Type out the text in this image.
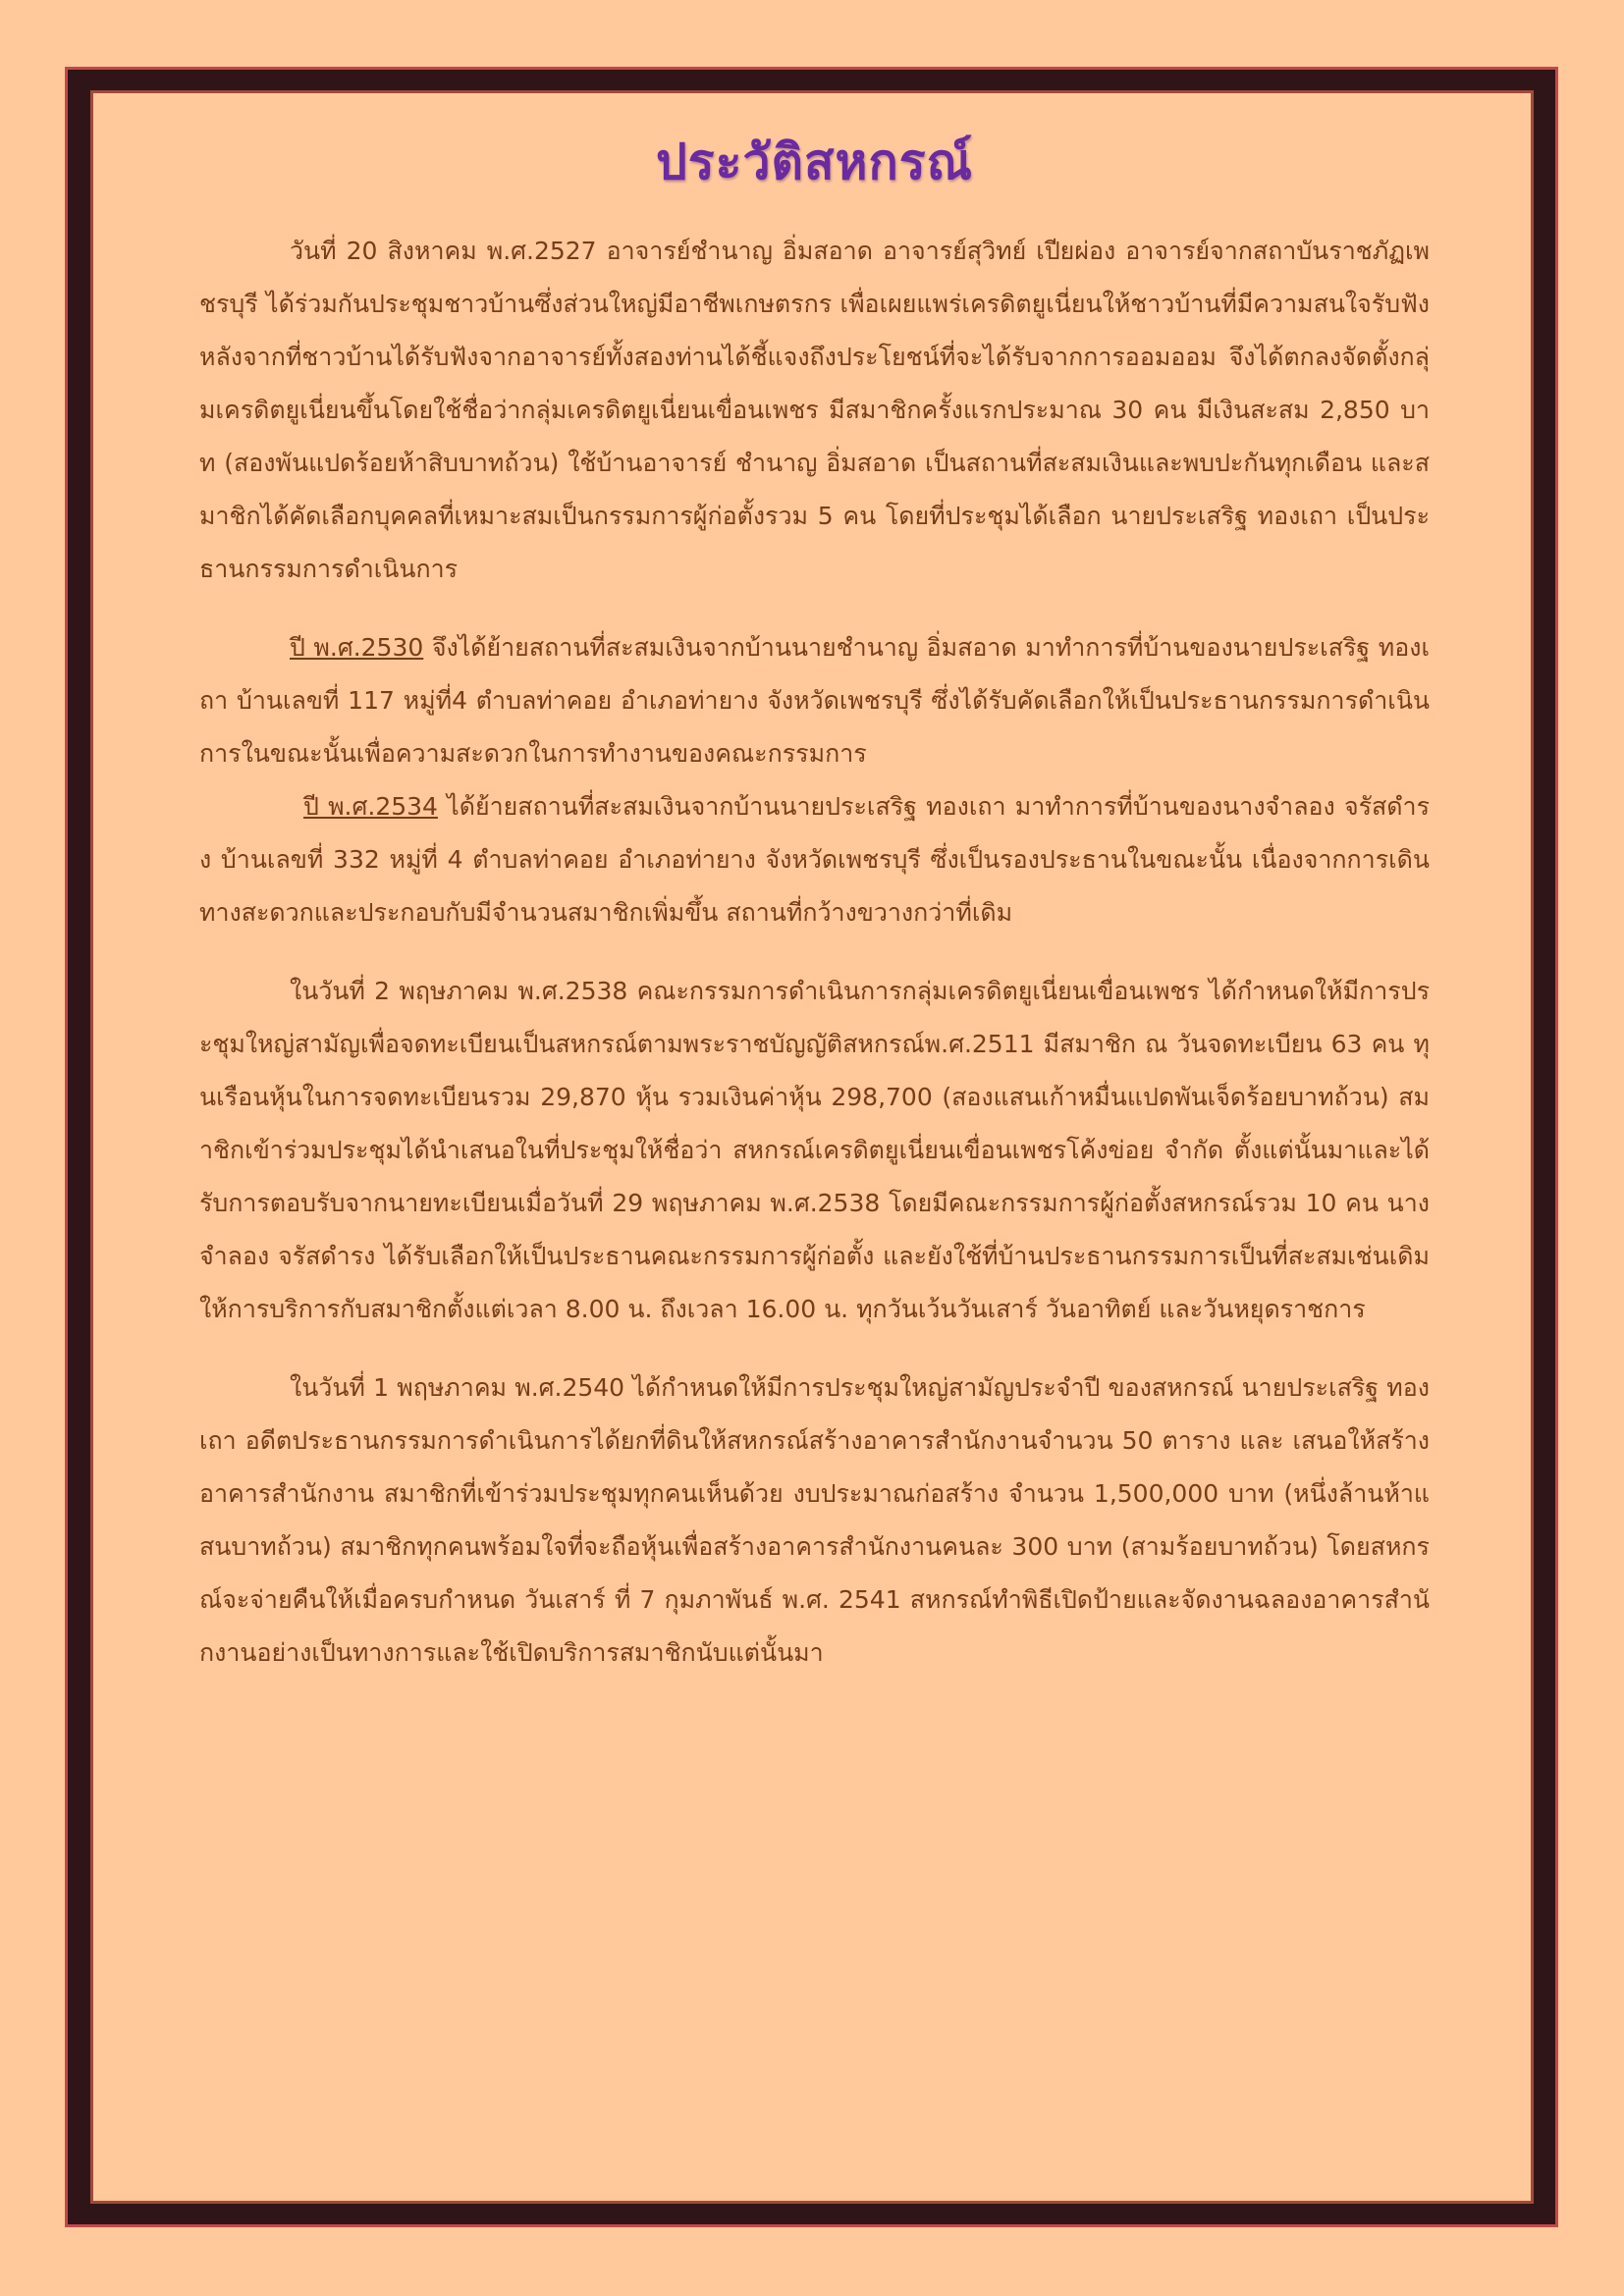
ประวัติสหกรณ์

วันที่ 20 สิงหาคม พ.ศ.2527 อาจารย์ชำนาญ อิ่มสอาด อาจารย์สุวิทย์ เปียผ่อง อาจารย์จากสถาบันราชภัฏเพชรบุรี ได้ร่วมกันประชุมชาวบ้านซึ่งส่วนใหญ่มีอาชีพเกษตรกร เพื่อเผยแพร่เครดิตยูเนี่ยนให้ชาวบ้านที่มีความสนใจรับฟัง หลังจากที่ชาวบ้านได้รับฟังจากอาจารย์ทั้งสองท่านได้ชี้แจงถึงประโยชน์ที่จะได้รับจากการออมออม จึงได้ตกลงจัดตั้งกลุ่มเครดิตยูเนี่ยนขึ้นโดยใช้ชื่อว่ากลุ่มเครดิตยูเนี่ยนเขื่อนเพชร มีสมาชิกครั้งแรกประมาณ 30 คน มีเงินสะสม 2,850 บาท (สองพันแปดร้อยห้าสิบบาทถ้วน) ใช้บ้านอาจารย์ ชำนาญ อิ่มสอาด เป็นสถานที่สะสมเงินและพบปะกันทุกเดือน และสมาชิกได้คัดเลือกบุคคลที่เหมาะสมเป็นกรรมการผู้ก่อตั้งรวม 5 คน โดยที่ประชุมได้เลือก นายประเสริฐ ทองเถา เป็นประธานกรรมการดำเนินการ

ปี พ.ศ.2530 จึงได้ย้ายสถานที่สะสมเงินจากบ้านนายชำนาญ อิ่มสอาด มาทำการที่บ้านของนายประเสริฐ ทองเถา บ้านเลขที่ 117 หมู่ที่4 ตำบลท่าคอย อำเภอท่ายาง จังหวัดเพชรบุรี ซึ่งได้รับคัดเลือกให้เป็นประธานกรรมการดำเนินการในขณะนั้นเพื่อความสะดวกในการทำงานของคณะกรรมการ

ปี พ.ศ.2534 ได้ย้ายสถานที่สะสมเงินจากบ้านนายประเสริฐ ทองเถา มาทำการที่บ้านของนางจำลอง จรัสดำรง บ้านเลขที่ 332 หมู่ที่ 4 ตำบลท่าคอย อำเภอท่ายาง จังหวัดเพชรบุรี ซึ่งเป็นรองประธานในขณะนั้น เนื่องจากการเดินทางสะดวกและประกอบกับมีจำนวนสมาชิกเพิ่มขึ้น สถานที่กว้างขวางกว่าที่เดิม

ในวันที่ 2 พฤษภาคม พ.ศ.2538 คณะกรรมการดำเนินการกลุ่มเครดิตยูเนี่ยนเขื่อนเพชร ได้กำหนดให้มีการประชุมใหญ่สามัญเพื่อจดทะเบียนเป็นสหกรณ์ตามพระราชบัญญัติสหกรณ์พ.ศ.2511 มีสมาชิก ณ วันจดทะเบียน 63 คน ทุนเรือนหุ้นในการจดทะเบียนรวม 29,870 หุ้น รวมเงินค่าหุ้น 298,700 (สองแสนเก้าหมื่นแปดพันเจ็ดร้อยบาทถ้วน) สมาชิกเข้าร่วมประชุมได้นำเสนอในที่ประชุมให้ชื่อว่า สหกรณ์เครดิตยูเนี่ยนเขื่อนเพชรโค้งข่อย จำกัด ตั้งแต่นั้นมาและได้รับการตอบรับจากนายทะเบียนเมื่อวันที่ 29 พฤษภาคม พ.ศ.2538 โดยมีคณะกรรมการผู้ก่อตั้งสหกรณ์รวม 10 คน นางจำลอง จรัสดำรง ได้รับเลือกให้เป็นประธานคณะกรรมการผู้ก่อตั้ง และยังใช้ที่บ้านประธานกรรมการเป็นที่สะสมเช่นเดิม ให้การบริการกับสมาชิกตั้งแต่เวลา 8.00 น. ถึงเวลา 16.00 น. ทุกวันเว้นวันเสาร์ วันอาทิตย์ และวันหยุดราชการ

ในวันที่ 1 พฤษภาคม พ.ศ.2540 ได้กำหนดให้มีการประชุมใหญ่สามัญประจำปี ของสหกรณ์ นายประเสริฐ ทองเถา อดีตประธานกรรมการดำเนินการได้ยกที่ดินให้สหกรณ์สร้างอาคารสำนักงานจำนวน 50 ตาราง และ เสนอให้สร้างอาคารสำนักงาน สมาชิกที่เข้าร่วมประชุมทุกคนเห็นด้วย งบประมาณก่อสร้าง จำนวน 1,500,000 บาท (หนึ่งล้านห้าแสนบาทถ้วน) สมาชิกทุกคนพร้อมใจที่จะถือหุ้นเพื่อสร้างอาคารสำนักงานคนละ 300 บาท (สามร้อยบาทถ้วน) โดยสหกรณ์จะจ่ายคืนให้เมื่อครบกำหนด วันเสาร์ ที่ 7 กุมภาพันธ์ พ.ศ. 2541 สหกรณ์ทำพิธีเปิดป้ายและจัดงานฉลองอาคารสำนักงานอย่างเป็นทางการและใช้เปิดบริการสมาชิกนับแต่นั้นมา
